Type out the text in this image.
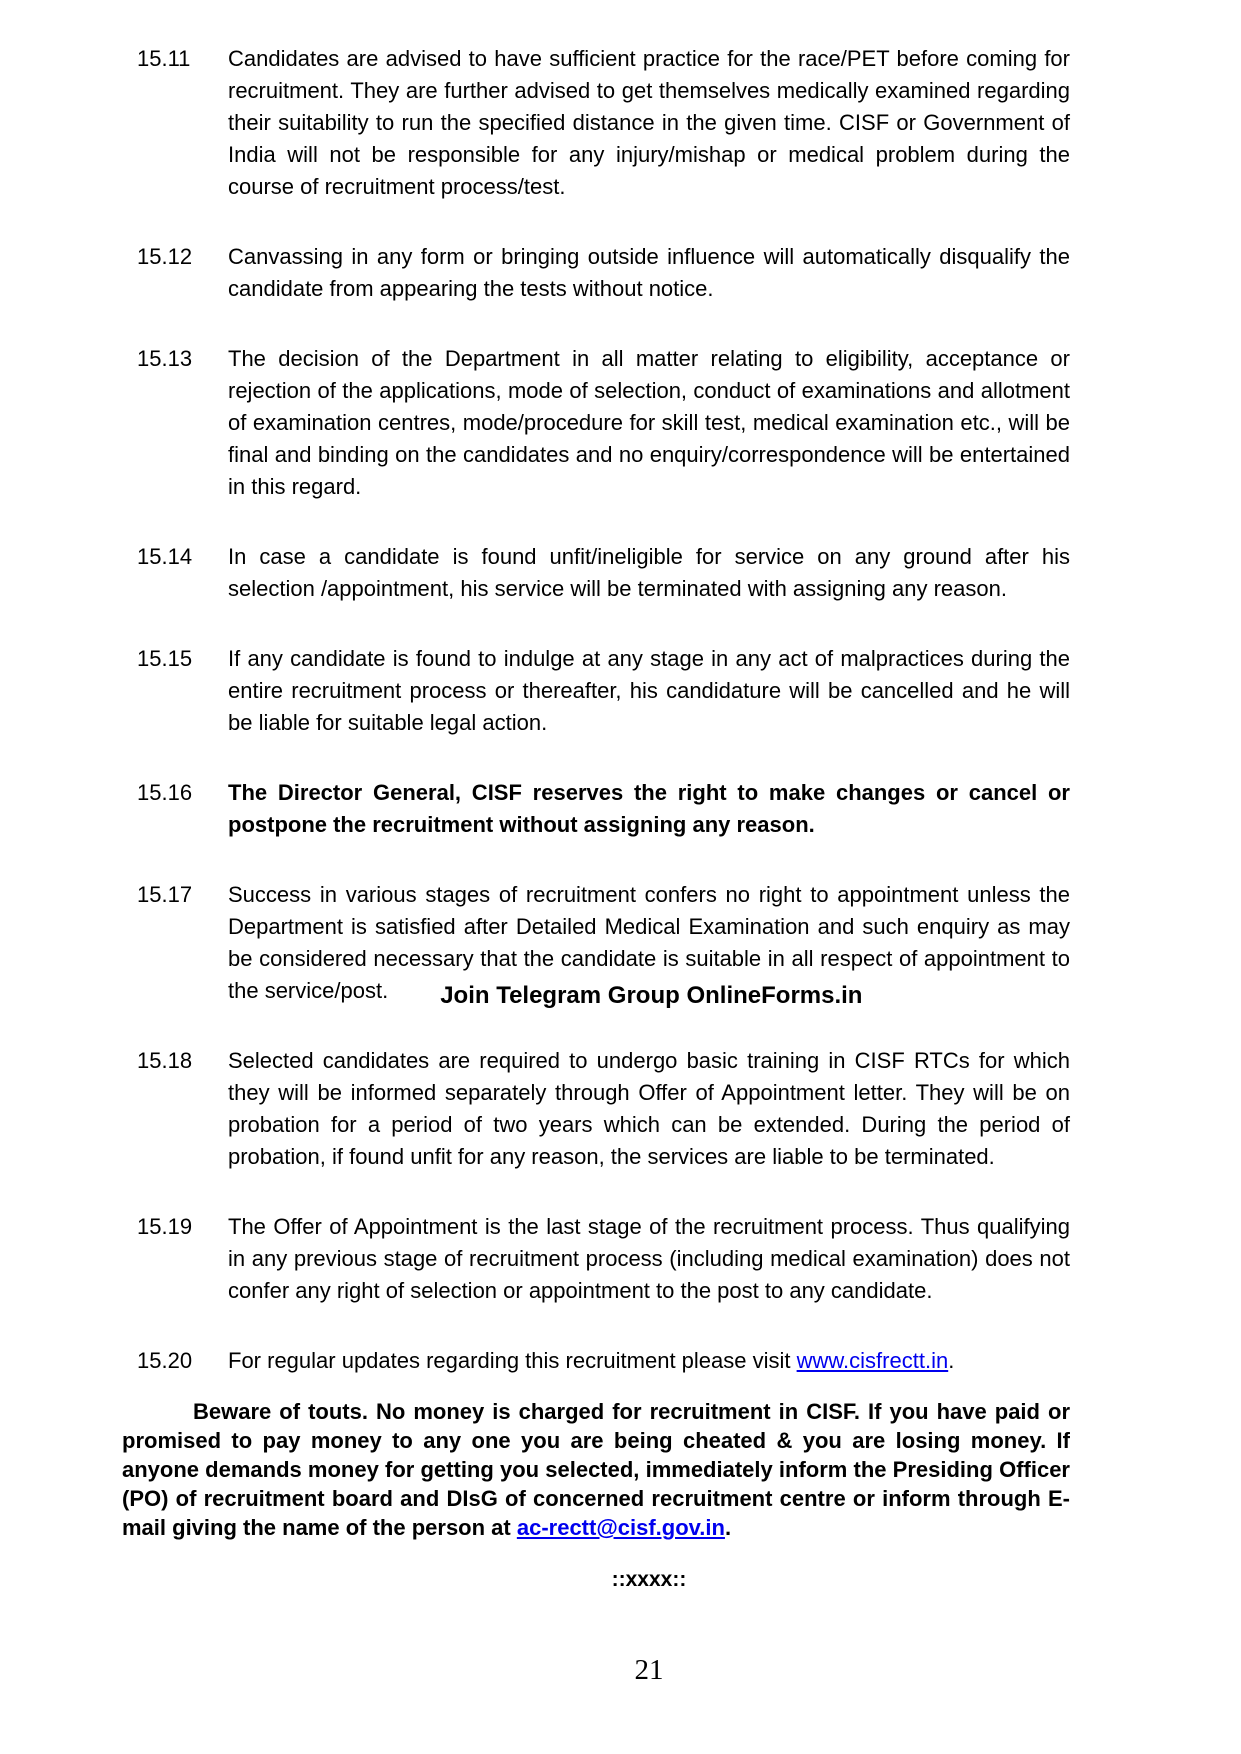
15.11	Candidates are advised to have sufficient practice for the race/PET before coming for recruitment. They are further advised to get themselves medically examined regarding their suitability to run the specified distance in the given time. CISF or Government of India will not be responsible for any injury/mishap or medical problem during the course of recruitment process/test.
15.12	Canvassing in any form or bringing outside influence will automatically disqualify the candidate from appearing the tests without notice.
15.13	The decision of the Department in all matter relating to eligibility, acceptance or rejection of the applications, mode of selection, conduct of examinations and allotment of examination centres, mode/procedure for skill test, medical examination etc., will be final and binding on the candidates and no enquiry/correspondence will be entertained in this regard.
15.14	In case a candidate is found unfit/ineligible for service on any ground after his selection /appointment, his service will be terminated with assigning any reason.
15.15	If any candidate is found to indulge at any stage in any act of malpractices during the entire recruitment process or thereafter, his candidature will be cancelled and he will be liable for suitable legal action.
15.16	The Director General, CISF reserves the right to make changes or cancel or postpone the recruitment without assigning any reason.
15.17	Success in various stages of recruitment confers no right to appointment unless the Department is satisfied after Detailed Medical Examination and such enquiry as may be considered necessary that the candidate is suitable in all respect of appointment to the service/post. Join Telegram Group OnlineForms.in
15.18	Selected candidates are required to undergo basic training in CISF RTCs for which they will be informed separately through Offer of Appointment letter. They will be on probation for a period of two years which can be extended. During the period of probation, if found unfit for any reason, the services are liable to be terminated.
15.19	The Offer of Appointment is the last stage of the recruitment process. Thus qualifying in any previous stage of recruitment process (including medical examination) does not confer any right of selection or appointment to the post to any candidate.
15.20	For regular updates regarding this recruitment please visit www.cisfrectt.in.
Beware of touts. No money is charged for recruitment in CISF. If you have paid or promised to pay money to any one you are being cheated & you are losing money. If anyone demands money for getting you selected, immediately inform the Presiding Officer (PO) of recruitment board and DIsG of concerned recruitment centre or inform through E-mail giving the name of the person at ac-rectt@cisf.gov.in.
::xxxx::
21
